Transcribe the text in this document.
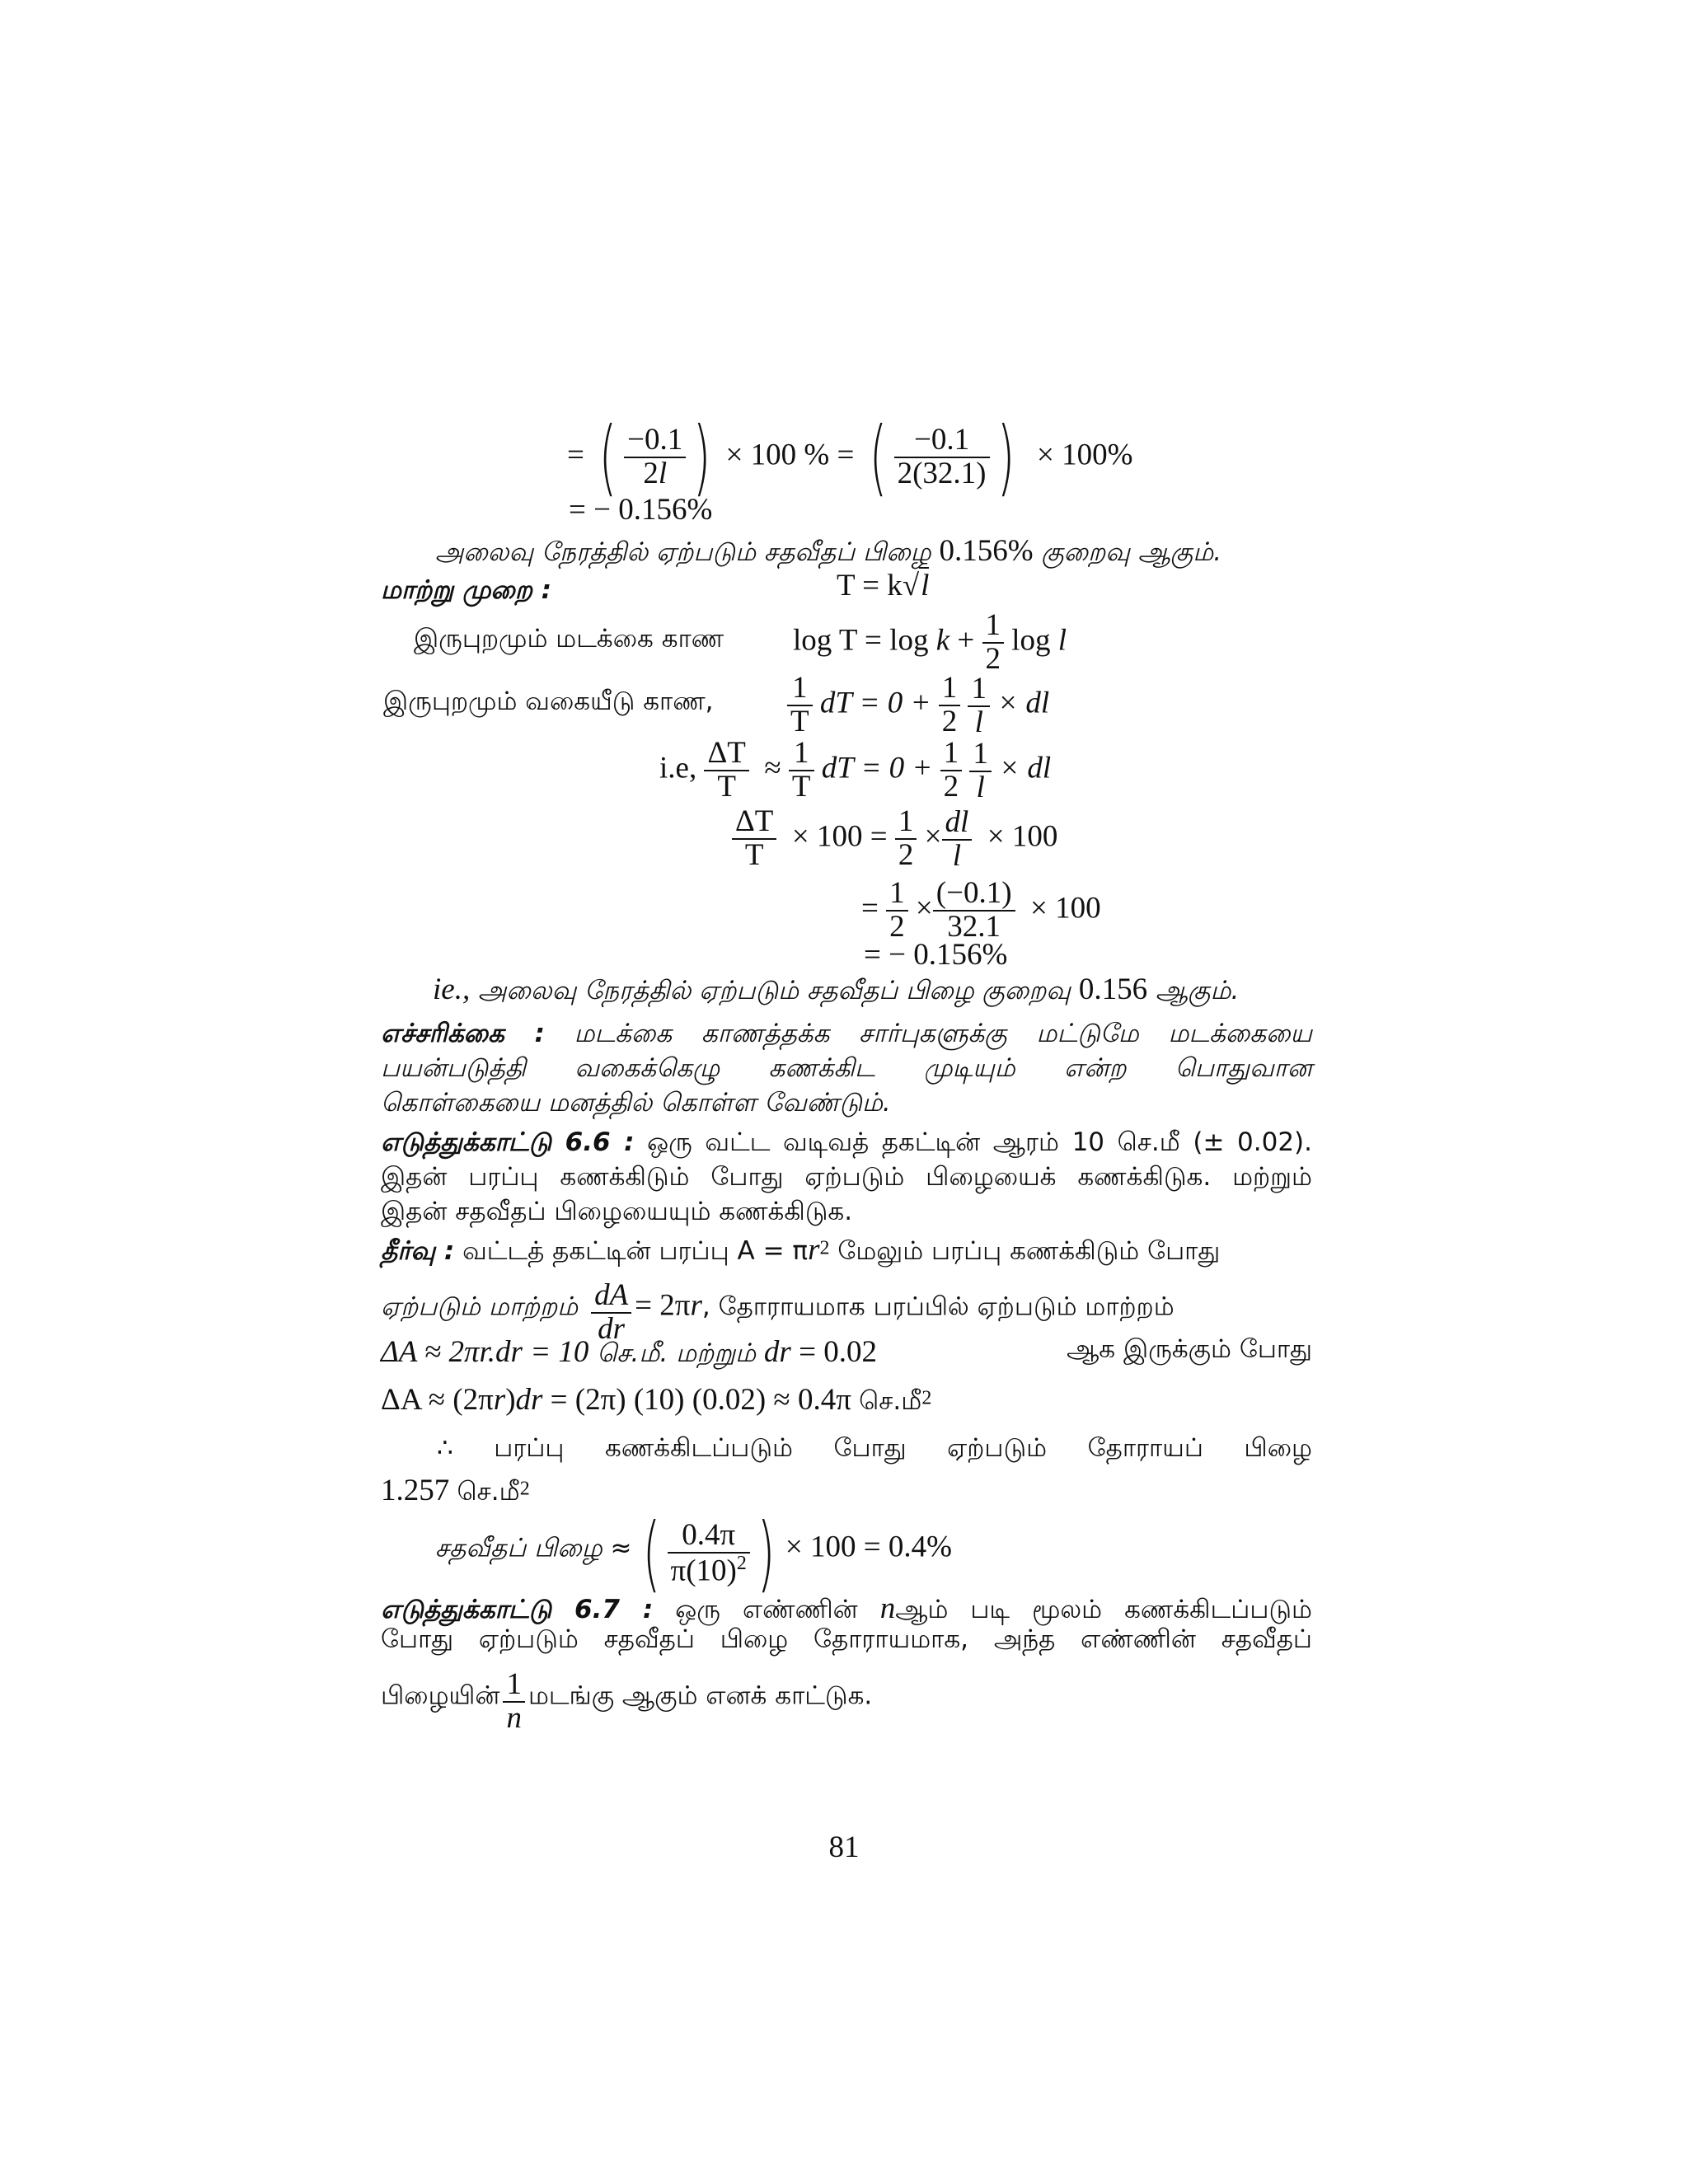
= ( $\frac{-0.1}{2l}$ ) × 100 % = ( $\frac{-0.1}{2(32.1)}$ ) × 100%
= − 0.156%
அலைவு நேரத்தில் ஏற்படும் சதவீதப் பிழை 0.156% குறைவு ஆகும்.
மாற்று முறை :	T = k√l
இருபுறமும் மடக்கை காண $\log T = \log k + \frac{1}{2}$ log l
இருபுறமும் வகையீடு காண, $\frac{1}{T}$ dT = $0 + \frac{1}{2}$
$\frac{1}{l}$ × dl
i.e, $\frac{\Delta T}{T} \approx \frac{1}{T}$ dT = $0 + \frac{1}{2}$
$\frac{1}{l}$ × dl
$\frac{\Delta T}{T} \times 100 = \frac{1}{2} \times \frac{dl}{l} \times 100$
= $\frac{1}{2} \times \frac{(-0.1)}{32.1} \times 100$
= − 0.156%
ie., அலைவு நேரத்தில் ஏற்படும் சதவீதப் பிழை குறைவு 0.156 ஆகும்.
எச்சரிக்கை : மடக்கை காணத்தக்க சார்புகளுக்கு மட்டுமே மடக்கையை
பயன்படுத்தி வகைக்கெழு கணக்கிட முடியும் என்ற பொதுவான
கொள்கையை மனத்தில் கொள்ள வேண்டும்.
எடுத்துக்காட்டு 6.6 : ஒரு வட்ட வடிவத் தகட்டின் ஆரம் 10 செ.மீ (± 0.02).
இதன் பரப்பு கணக்கிடும் போது ஏற்படும் பிழையைக் கணக்கிடுக. மற்றும்
இதன் சதவீதப் பிழையையும் கணக்கிடுக.
தீர்வு : வட்டத் தகட்டின் பரப்பு $A = \pi r^2$ மேலும் பரப்பு கணக்கிடும் போது
ஏற்படும் மாற்றம் $\frac{dA}{dr} = 2\pi r$, தோராயமாக பரப்பில் ஏற்படும் மாற்றம்
ΔA ≈ 2πr.dr = 10 செ.மீ. மற்றும் dr = 0.02	ஆக இருக்கும் போது
ΔA ≈ (2πr)dr = (2π) (10) (0.02) ≈ 0.4π செ.மீ$^2$
∴ பரப்பு கணக்கிடப்படும் போது ஏற்படும் தோராயப் பிழை
1.257 செ.மீ$^2$
சதவீதப் பிழை ≈ ( $\frac{0.4\pi}{\pi(10)^2}$ ) × 100 = 0.4%
எடுத்துக்காட்டு 6.7 : ஒரு எண்ணின் nஆம் படி மூலம் கணக்கிடப்படும்
போது ஏற்படும் சதவீதப் பிழை தோராயமாக, அந்த எண்ணின் சதவீதப்
பிழையின் $\frac{1}{n}$ மடங்கு ஆகும் எனக் காட்டுக.
81
